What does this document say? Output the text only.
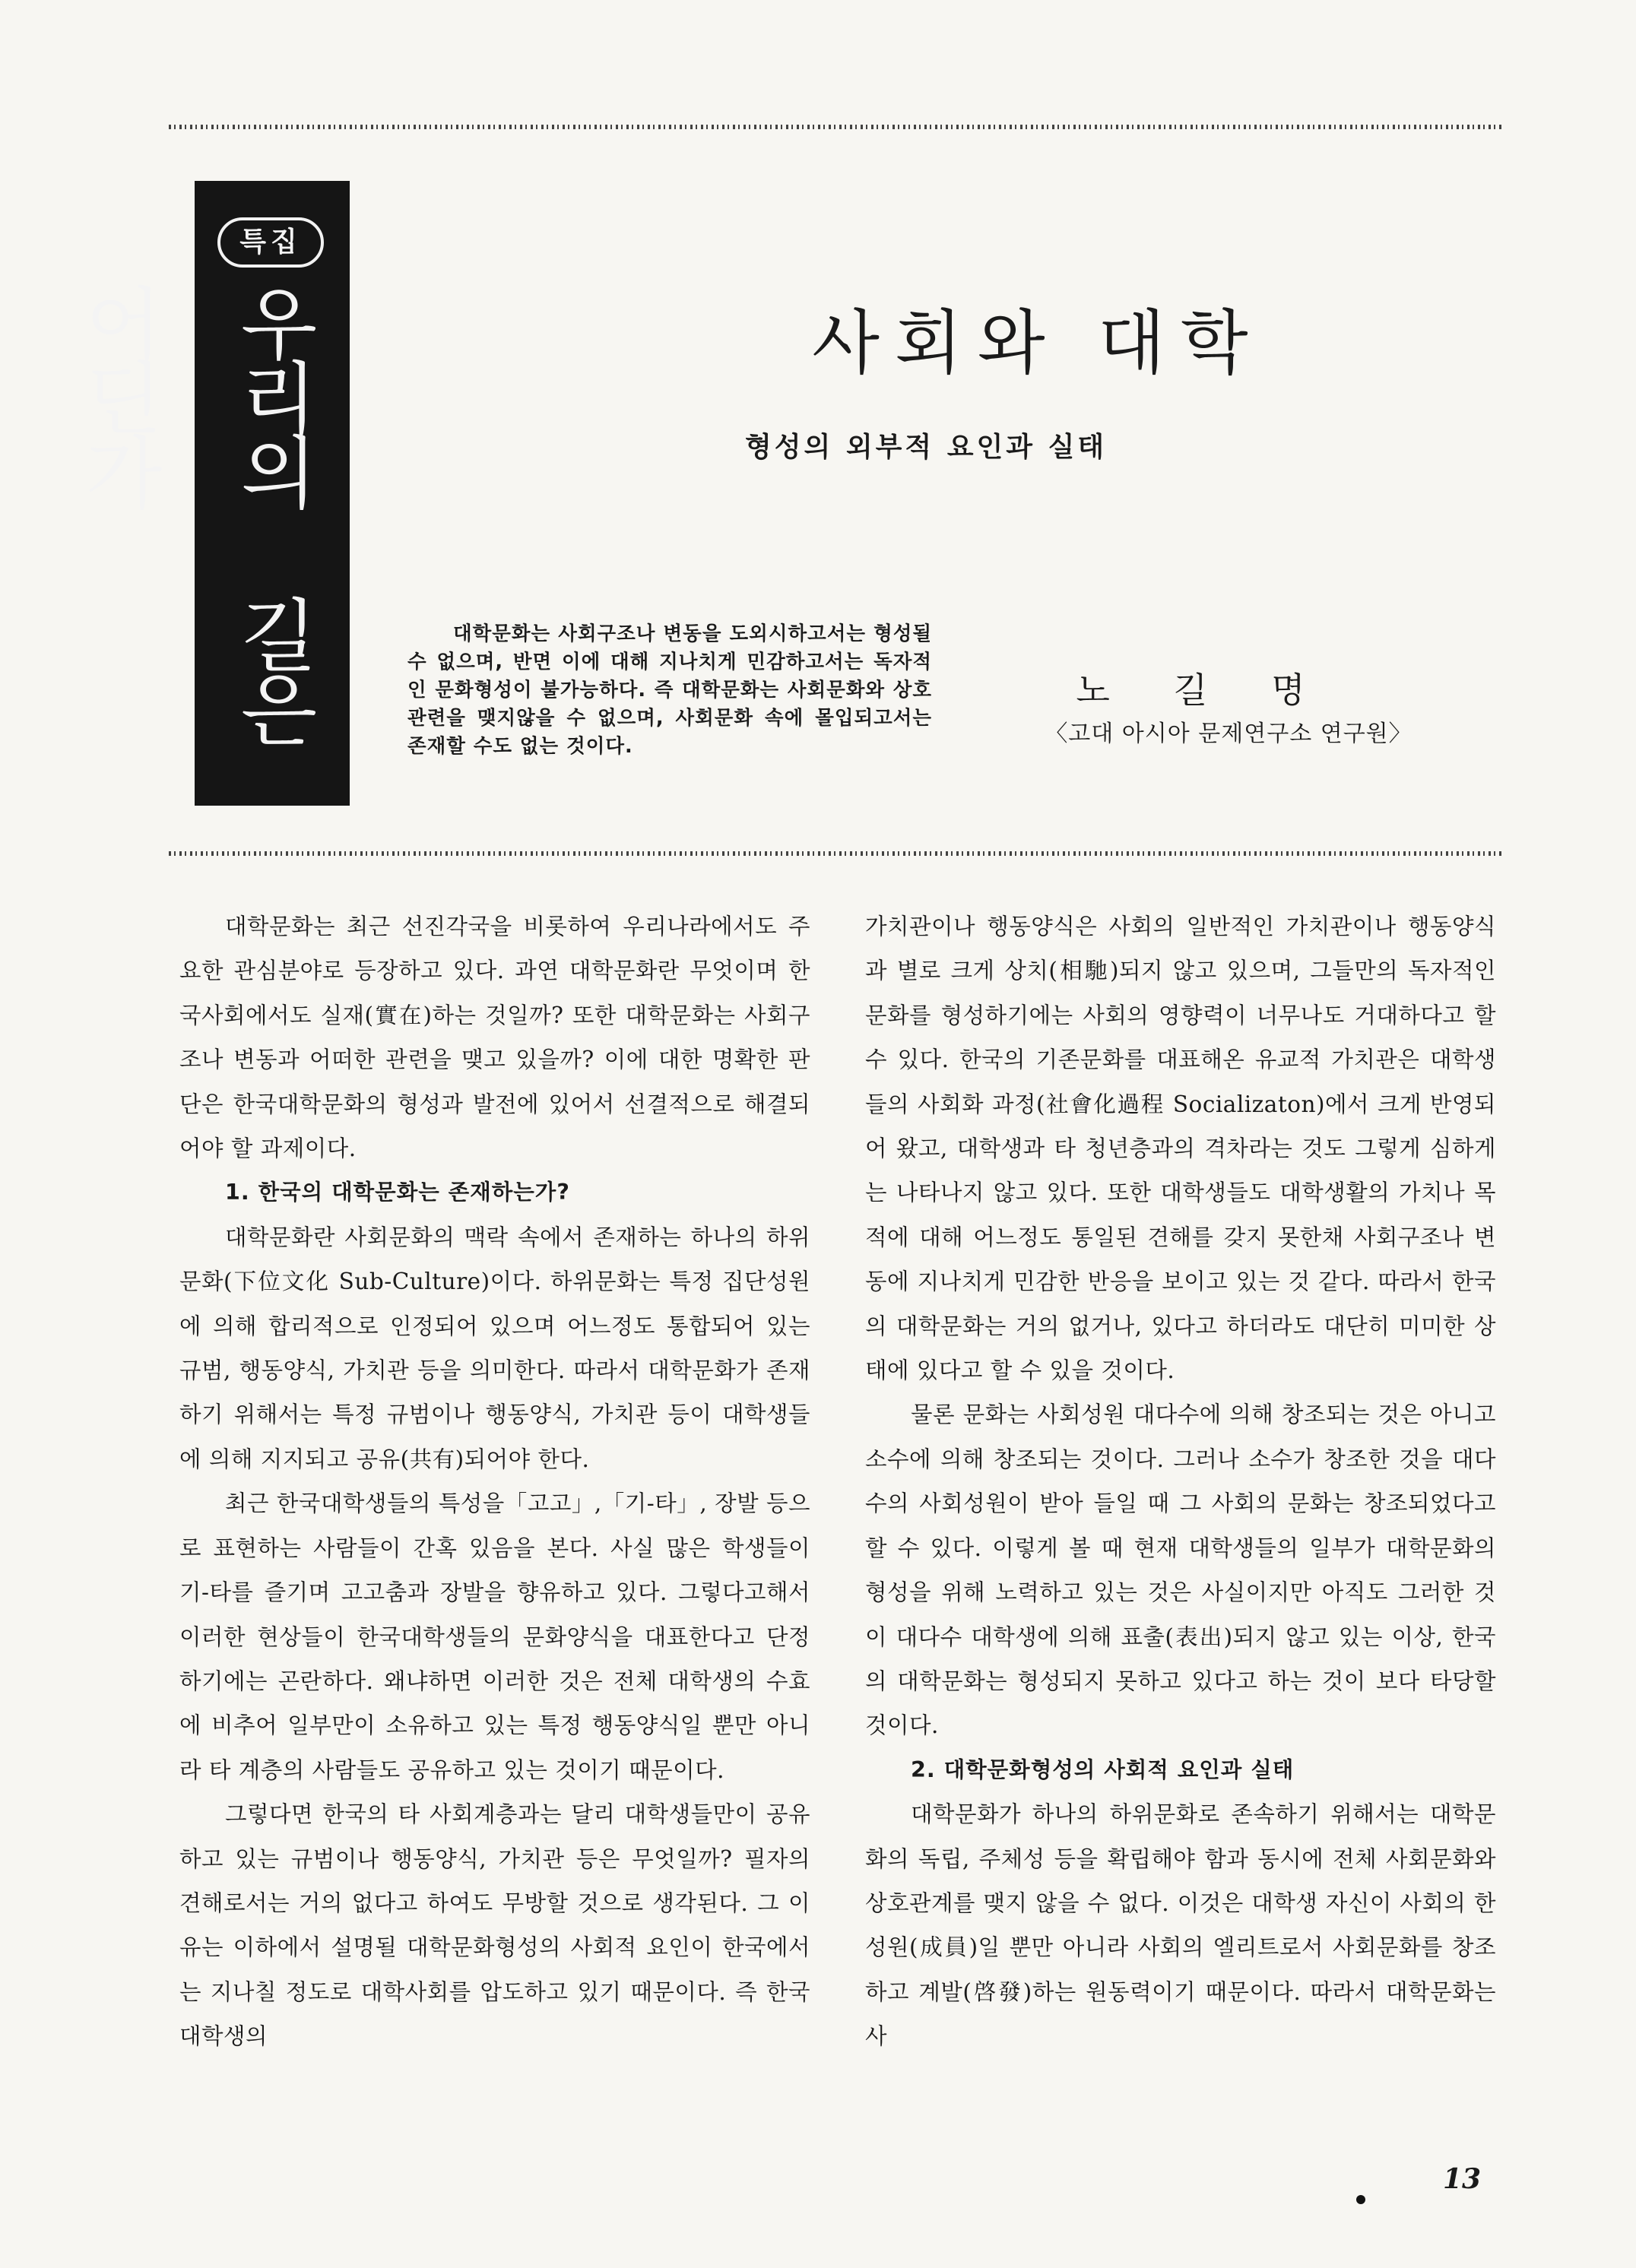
특집
우리의 길은 어딘가	사회와 대학
형성의 외부적 요인과 실태
대학문화는 사회구조나 변동을 도외시하고서는 형성될 수 없으며, 반면 이에 대해 지나치게 민감하고서는 독자적인 문화형성이 불가능하다. 즉 대학문화는 사회문화와 상호관련을 맺지않을 수 없으며, 사회문화 속에 몰입되고서는 존재할 수도 없는 것이다.
노길명
〈고대 아시아 문제연구소 연구원〉

대학문화는 최근 선진각국을 비롯하여 우리나라에서도 주요한 관심분야로 등장하고 있다. 과연 대학문화란 무엇이며 한국사회에서도 실재(實在)하는 것일까? 또한 대학문화는 사회구조나 변동과 어떠한 관련을 맺고 있을까? 이에 대한 명확한 판단은 한국대학문화의 형성과 발전에 있어서 선결적으로 해결되어야 할 과제이다.

1. 한국의 대학문화는 존재하는가?

대학문화란 사회문화의 맥락 속에서 존재하는 하나의 하위문화(下位文化 Sub-Culture)이다. 하위문화는 특정 집단성원에 의해 합리적으로 인정되어 있으며 어느정도 통합되어 있는 규범, 행동양식, 가치관 등을 의미한다. 따라서 대학문화가 존재하기 위해서는 특정 규범이나 행동양식, 가치관 등이 대학생들에 의해 지지되고 공유(共有)되어야 한다.

최근 한국대학생들의 특성을「고고」,「기-타」, 장발 등으로 표현하는 사람들이 간혹 있음을 본다. 사실 많은 학생들이 기-타를 즐기며 고고춤과 장발을 향유하고 있다. 그렇다고해서 이러한 현상들이 한국대학생들의 문화양식을 대표한다고 단정하기에는 곤란하다. 왜냐하면 이러한 것은 전체 대학생의 수효에 비추어 일부만이 소유하고 있는 특정 행동양식일 뿐만 아니라 타 계층의 사람들도 공유하고 있는 것이기 때문이다.

그렇다면 한국의 타 사회계층과는 달리 대학생들만이 공유하고 있는 규범이나 행동양식, 가치관 등은 무엇일까? 필자의 견해로서는 거의 없다고 하여도 무방할 것으로 생각된다. 그 이유는 이하에서 설명될 대학문화형성의 사회적 요인이 한국에서는 지나칠 정도로 대학사회를 압도하고 있기 때문이다. 즉 한국대학생의

가치관이나 행동양식은 사회의 일반적인 가치관이나 행동양식과 별로 크게 상치(相馳)되지 않고 있으며, 그들만의 독자적인 문화를 형성하기에는 사회의 영향력이 너무나도 거대하다고 할 수 있다. 한국의 기존문화를 대표해온 유교적 가치관은 대학생들의 사회화 과정(社會化過程 Socializaton)에서 크게 반영되어 왔고, 대학생과 타 청년층과의 격차라는 것도 그렇게 심하게는 나타나지 않고 있다. 또한 대학생들도 대학생활의 가치나 목적에 대해 어느정도 통일된 견해를 갖지 못한채 사회구조나 변동에 지나치게 민감한 반응을 보이고 있는 것 같다. 따라서 한국의 대학문화는 거의 없거나, 있다고 하더라도 대단히 미미한 상태에 있다고 할 수 있을 것이다.

물론 문화는 사회성원 대다수에 의해 창조되는 것은 아니고 소수에 의해 창조되는 것이다. 그러나 소수가 창조한 것을 대다수의 사회성원이 받아 들일 때 그 사회의 문화는 창조되었다고 할 수 있다. 이렇게 볼 때 현재 대학생들의 일부가 대학문화의 형성을 위해 노력하고 있는 것은 사실이지만 아직도 그러한 것이 대다수 대학생에 의해 표출(表出)되지 않고 있는 이상, 한국의 대학문화는 형성되지 못하고 있다고 하는 것이 보다 타당할 것이다.

2. 대학문화형성의 사회적 요인과 실태

대학문화가 하나의 하위문화로 존속하기 위해서는 대학문화의 독립, 주체성 등을 확립해야 함과 동시에 전체 사회문화와 상호관계를 맺지 않을 수 없다. 이것은 대학생 자신이 사회의 한 성원(成員)일 뿐만 아니라 사회의 엘리트로서 사회문화를 창조하고 계발(啓發)하는 원동력이기 때문이다. 따라서 대학문화는 사

13
